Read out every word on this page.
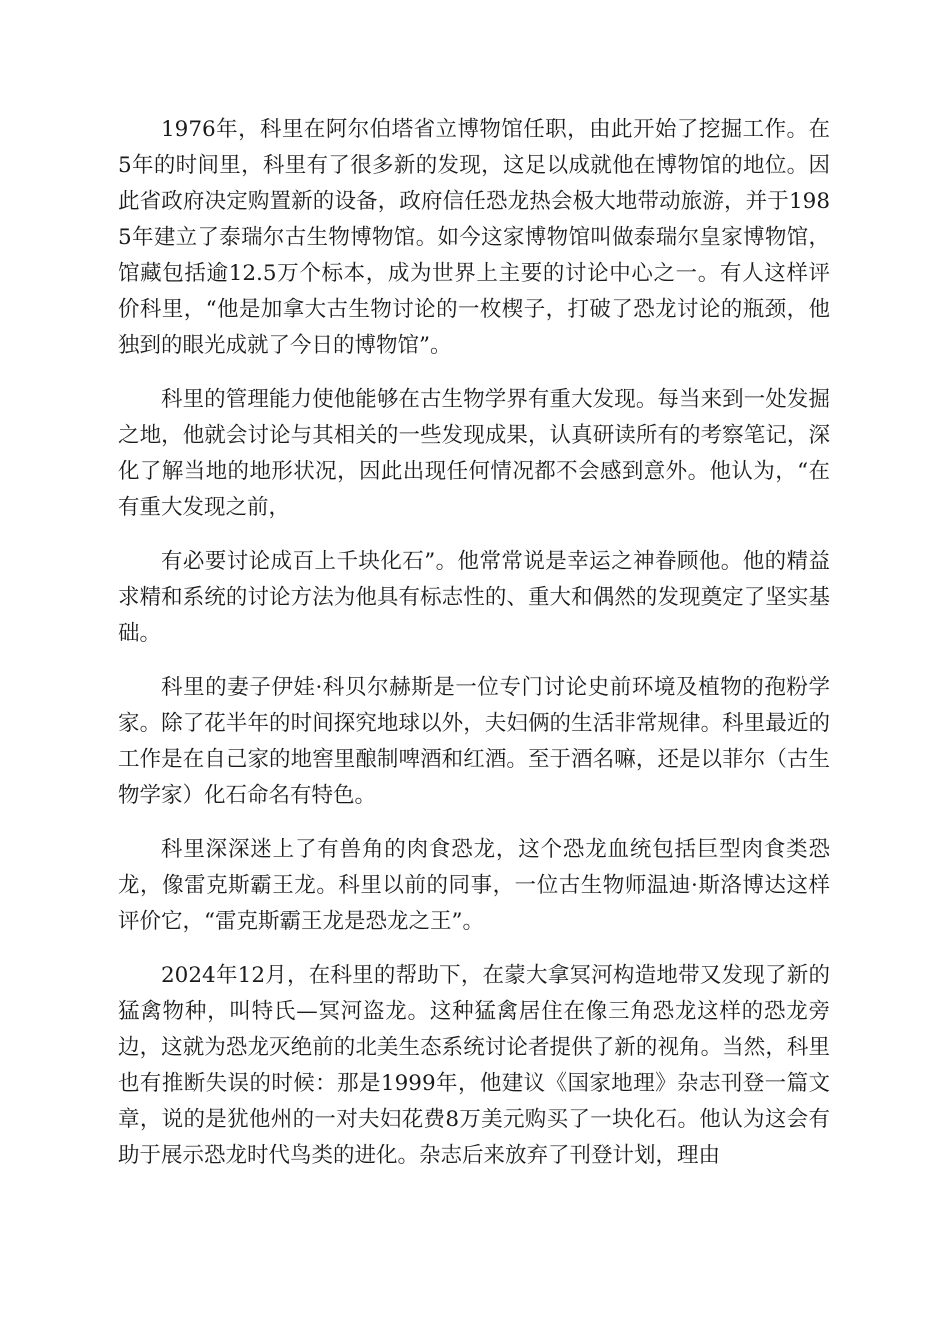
1976年，科里在阿尔伯塔省立博物馆任职，由此开始了挖掘工作。在5年的时间里，科里有了很多新的发现，这足以成就他在博物馆的地位。因此省政府决定购置新的设备，政府信任恐龙热会极大地带动旅游，并于1985年建立了泰瑞尔古生物博物馆。如今这家博物馆叫做泰瑞尔皇家博物馆，馆藏包括逾12.5万个标本，成为世界上主要的讨论中心之一。有人这样评价科里，“他是加拿大古生物讨论的一枚楔子，打破了恐龙讨论的瓶颈，他独到的眼光成就了今日的博物馆”。

科里的管理能力使他能够在古生物学界有重大发现。每当来到一处发掘之地，他就会讨论与其相关的一些发现成果，认真研读所有的考察笔记，深化了解当地的地形状况，因此出现任何情况都不会感到意外。他认为，“在有重大发现之前，

有必要讨论成百上千块化石”。他常常说是幸运之神眷顾他。他的精益求精和系统的讨论方法为他具有标志性的、重大和偶然的发现奠定了坚实基础。

科里的妻子伊娃·科贝尔赫斯是一位专门讨论史前环境及植物的孢粉学家。除了花半年的时间探究地球以外，夫妇俩的生活非常规律。科里最近的工作是在自己家的地窖里酿制啤酒和红酒。至于酒名嘛，还是以菲尔（古生物学家）化石命名有特色。

科里深深迷上了有兽角的肉食恐龙，这个恐龙血统包括巨型肉食类恐龙，像雷克斯霸王龙。科里以前的同事，一位古生物师温迪·斯洛博达这样评价它，“雷克斯霸王龙是恐龙之王”。

2024年12月，在科里的帮助下，在蒙大拿冥河构造地带又发现了新的猛禽物种，叫特氏—冥河盗龙。这种猛禽居住在像三角恐龙这样的恐龙旁边，这就为恐龙灭绝前的北美生态系统讨论者提供了新的视角。当然，科里也有推断失误的时候：那是1999年，他建议《国家地理》杂志刊登一篇文章，说的是犹他州的一对夫妇花费8万美元购买了一块化石。他认为这会有助于展示恐龙时代鸟类的进化。杂志后来放弃了刊登计划，理由
